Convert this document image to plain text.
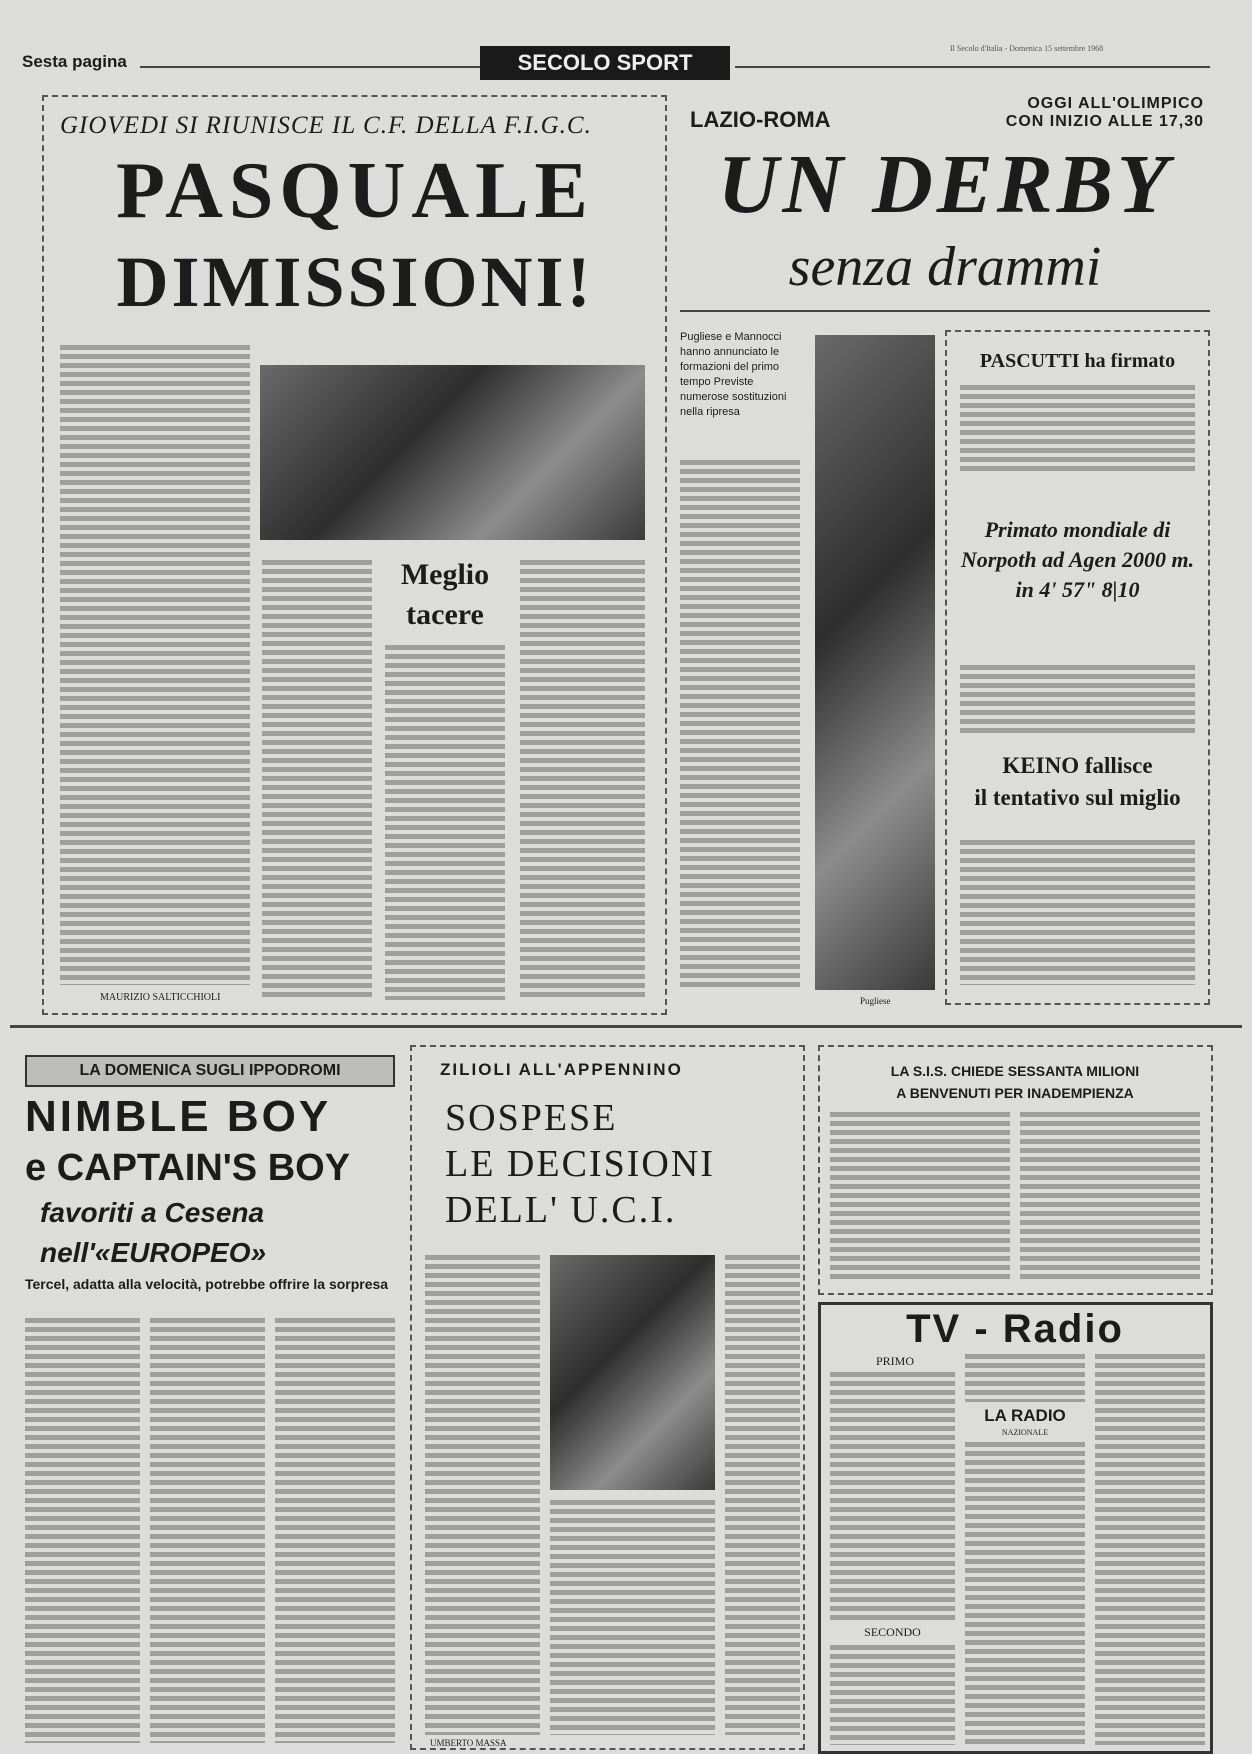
Sesta pagina	SECOLO SPORT
Il Secolo d'Italia - Domenica 15 settembre 1968
GIOVEDI SI RIUNISCE IL C.F. DELLA F.I.G.C.
PASQUALE
DIMISSIONI!
Meglio
tacere
MAURIZIO SALTICCHIOLI
LAZIO-ROMA
OGGI ALL'OLIMPICO
CON INIZIO ALLE 17,30
UN DERBY
senza drammi
Pugliese e Mannocci hanno annunciato le formazioni del primo tempo Previste numerose sostituzioni nella ripresa
Pugliese
PASCUTTI ha firmato
Primato mondiale di Norpoth ad Agen 2000 m. in 4' 57" 8|10
KEINO fallisce
il tentativo sul miglio
LA DOMENICA SUGLI IPPODROMI
NIMBLE BOY
e CAPTAIN'S BOY
favoriti a Cesena
nell'«EUROPEO»
Tercel, adatta alla velocità, potrebbe offrire la sorpresa
ZILIOLI ALL'APPENNINO
SOSPESE
LE DECISIONI
DELL' U.C.I.
UMBERTO MASSA
LA S.I.S. CHIEDE SESSANTA MILIONI
A BENVENUTI PER INADEMPIENZA
TV - Radio
PRIMO
SECONDO
LA RADIO
NAZIONALE
